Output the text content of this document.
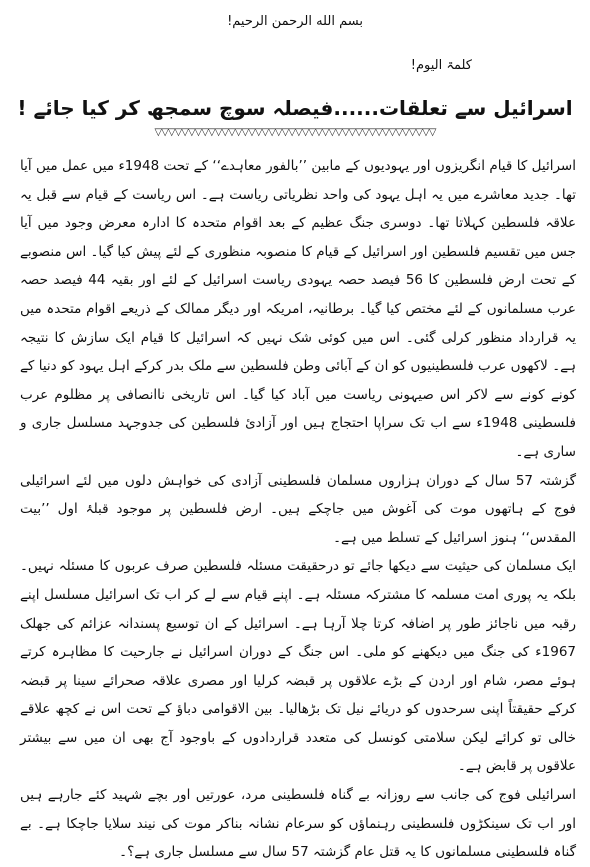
بسم الله الرحمن الرحیم!
کلمۃ الیوم!
اسرائیل سے تعلقات......فیصلہ سوچ سمجھ کر کیا جائے !
▽▽▽▽▽▽▽▽▽▽▽▽▽▽▽▽▽▽▽▽▽▽▽▽▽▽▽▽▽▽▽▽▽▽▽▽▽▽▽▽▽▽

اسرائیل کا قیام انگریزوں اور یہودیوں کے مابین ’’بالفور معاہدے‘‘ کے تحت 1948ء میں عمل میں آیا تھا۔ جدید معاشرے میں یہ اہل یہود کی واحد نظریاتی ریاست ہے۔ اس ریاست کے قیام سے قبل یہ علاقہ فلسطین کہلاتا تھا۔ دوسری جنگ عظیم کے بعد اقوام متحدہ کا ادارہ معرض وجود میں آیا جس میں تقسیم فلسطین اور اسرائیل کے قیام کا منصوبہ منظوری کے لئے پیش کیا گیا۔ اس منصوبے کے تحت ارض فلسطین کا 56 فیصد حصہ یہودی ریاست اسرائیل کے لئے اور بقیہ 44 فیصد حصہ عرب مسلمانوں کے لئے مختص کیا گیا۔ برطانیہ، امریکہ اور دیگر ممالک کے ذریعے اقوام متحدہ میں یہ قرارداد منظور کرلی گئی۔ اس میں کوئی شک نہیں کہ اسرائیل کا قیام ایک سازش کا نتیجہ ہے۔ لاکھوں عرب فلسطینیوں کو ان کے آبائی وطن فلسطین سے ملک بدر کرکے اہل یہود کو دنیا کے کونے کونے سے لاکر اس صیہونی ریاست میں آباد کیا گیا۔ اس تاریخی ناانصافی پر مظلوم عرب فلسطینی 1948ء سے اب تک سراپا احتجاج ہیں اور آزادیٔ فلسطین کی جدوجہد مسلسل جاری و ساری ہے۔

گزشتہ 57 سال کے دوران ہزاروں مسلمان فلسطینی آزادی کی خواہش دلوں میں لئے اسرائیلی فوج کے ہاتھوں موت کی آغوش میں جاچکے ہیں۔ ارض فلسطین پر موجود قبلۂ اول ’’بیت المقدس‘‘ ہنوز اسرائیل کے تسلط میں ہے۔

ایک مسلمان کی حیثیت سے دیکھا جائے تو درحقیقت مسئلہ فلسطین صرف عربوں کا مسئلہ نہیں۔ بلکہ یہ پوری امت مسلمہ کا مشترکہ مسئلہ ہے۔ اپنے قیام سے لے کر اب تک اسرائیل مسلسل اپنے رقبہ میں ناجائز طور پر اضافہ کرتا چلا آرہا ہے۔ اسرائیل کے ان توسیع پسندانہ عزائم کی جھلک 1967ء کی جنگ میں دیکھنے کو ملی۔ اس جنگ کے دوران اسرائیل نے جارحیت کا مظاہرہ کرتے ہوئے مصر، شام اور اردن کے بڑے علاقوں پر قبضہ کرلیا اور مصری علاقہ صحرائے سینا پر قبضہ کرکے حقیقتاً اپنی سرحدوں کو دریائے نیل تک بڑھالیا۔ بین الاقوامی دباؤ کے تحت اس نے کچھ علاقے خالی تو کرائے لیکن سلامتی کونسل کی متعدد قراردادوں کے باوجود آج بھی ان میں سے بیشتر علاقوں پر قابض ہے۔

اسرائیلی فوج کی جانب سے روزانہ بے گناہ فلسطینی مرد، عورتیں اور بچے شہید کئے جارہے ہیں اور اب تک سینکڑوں فلسطینی رہنماؤں کو سرعام نشانہ بناکر موت کی نیند سلایا جاچکا ہے۔ بے گناہ فلسطینی مسلمانوں کا یہ قتل عام گزشتہ 57 سال سے مسلسل جاری ہے؟۔
